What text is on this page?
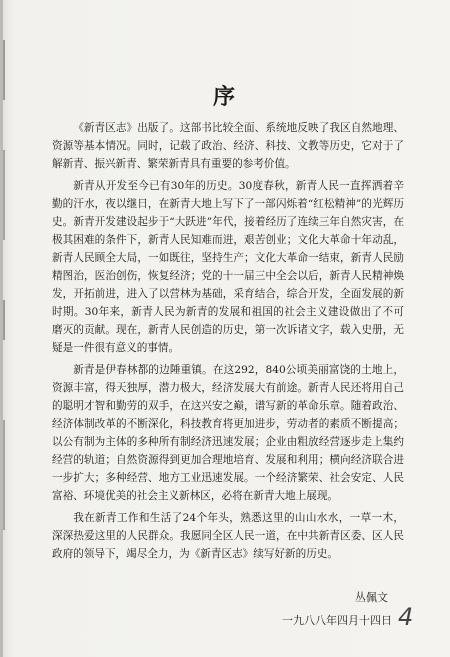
序

《新青区志》出版了。这部书比较全面、系统地反映了我区自然地理、资源等基本情况。同时，记载了政治、经济、科技、文教等历史，它对于了解新青、振兴新青、繁荣新青具有重要的参考价值。

新青从开发至今已有30年的历史。30度春秋，新青人民一直挥洒着辛勤的汗水，夜以继日，在新青大地上写下了一部闪烁着“红松精神”的光辉历史。新青开发建设起步于“大跃进”年代，接着经历了连续三年自然灾害，在极其困难的条件下，新青人民知难而进，艰苦创业；文化大革命十年动乱，新青人民顾全大局，一如既往，坚持生产；文化大革命一结束，新青人民励精图治，医治创伤，恢复经济；党的十一届三中全会以后，新青人民精神焕发，开拓前进，进入了以营林为基础，采育结合，综合开发，全面发展的新时期。30年来，新青人民为新青的发展和祖国的社会主义建设做出了不可磨灭的贡献。现在，新青人民创造的历史，第一次诉诸文字，载入史册，无疑是一件很有意义的事情。

新青是伊春林都的边陲重镇。在这292，840公顷美丽富饶的土地上，资源丰富，得天独厚，潜力极大，经济发展大有前途。新青人民还将用自己的聪明才智和勤劳的双手，在这兴安之巅，谱写新的革命乐章。随着政治、经济体制改革的不断深化，科技教育将更加进步，劳动者的素质不断提高；以公有制为主体的多种所有制经济迅速发展；企业由粗放经营逐步走上集约经营的轨道；自然资源得到更加合理地培育、发展和利用；横向经济联合进一步扩大；多种经营、地方工业迅速发展。一个经济繁荣、社会安定、人民富裕、环境优美的社会主义新林区，必将在新青大地上展现。

我在新青工作和生活了24个年头，熟悉这里的山山水水，一草一木，深深热爱这里的人民群众。我愿同全区人民一道，在中共新青区委、区人民政府的领导下，竭尽全力，为《新青区志》续写好新的历史。

丛佩文
一九八八年四月十四日 4
